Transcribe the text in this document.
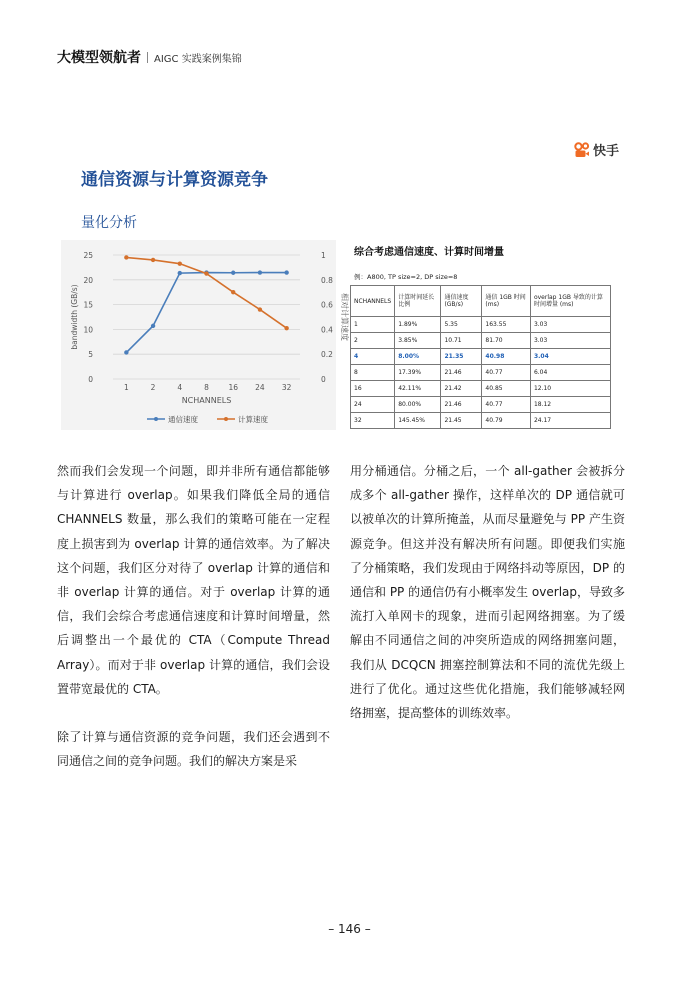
大模型领航者 AIGC 实践案例集锦
快手
通信资源与计算资源竞争
量化分析
0
5
10
15
20
25
0
0.2
0.4
0.6
0.8
1
1	2	4	8	16 24 32
NCHANNELS
bandwidth (GB/s)	相对计算速度
通信速度	计算速度
综合考虑通信速度、计算时间增量
例：A800, TP size=2, DP size=8
NCHANNELS	计算时间延长比例	通信速度 (GB/s)	通信 1GB 时间 (ms)	overlap 1GB 导致的计算时间增量 (ms)
1	1.89%	5.35	163.55	3.03
2	3.85%	10.71	81.70	3.03
4	8.00%	21.35	40.98	3.04
8	17.39%	21.46	40.77	6.04
16	42.11%	21.42	40.85	12.10
24	80.00%	21.46	40.77	18.12
32	145.45%	21.45	40.79	24.17

然而我们会发现一个问题，即并非所有通信都能够与计算进行 overlap。如果我们降低全局的通信 CHANNELS 数量，那么我们的策略可能在一定程度上损害到为 overlap 计算的通信效率。为了解决这个问题，我们区分对待了 overlap 计算的通信和非 overlap 计算的通信。对于 overlap 计算的通信，我们会综合考虑通信速度和计算时间增量，然后调整出一个最优的 CTA（Compute Thread Array）。而对于非 overlap 计算的通信，我们会设置带宽最优的 CTA。

除了计算与通信资源的竞争问题，我们还会遇到不同通信之间的竞争问题。我们的解决方案是采

用分桶通信。分桶之后，一个 all-gather 会被拆分成多个 all-gather 操作，这样单次的 DP 通信就可以被单次的计算所掩盖，从而尽量避免与 PP 产生资源竞争。但这并没有解决所有问题。即便我们实施了分桶策略，我们发现由于网络抖动等原因，DP 的通信和 PP 的通信仍有小概率发生 overlap，导致多流打入单网卡的现象，进而引起网络拥塞。为了缓解由不同通信之间的冲突所造成的网络拥塞问题，我们从 DCQCN 拥塞控制算法和不同的流优先级上进行了优化。通过这些优化措施，我们能够减轻网络拥塞，提高整体的训练效率。

– 146 –
